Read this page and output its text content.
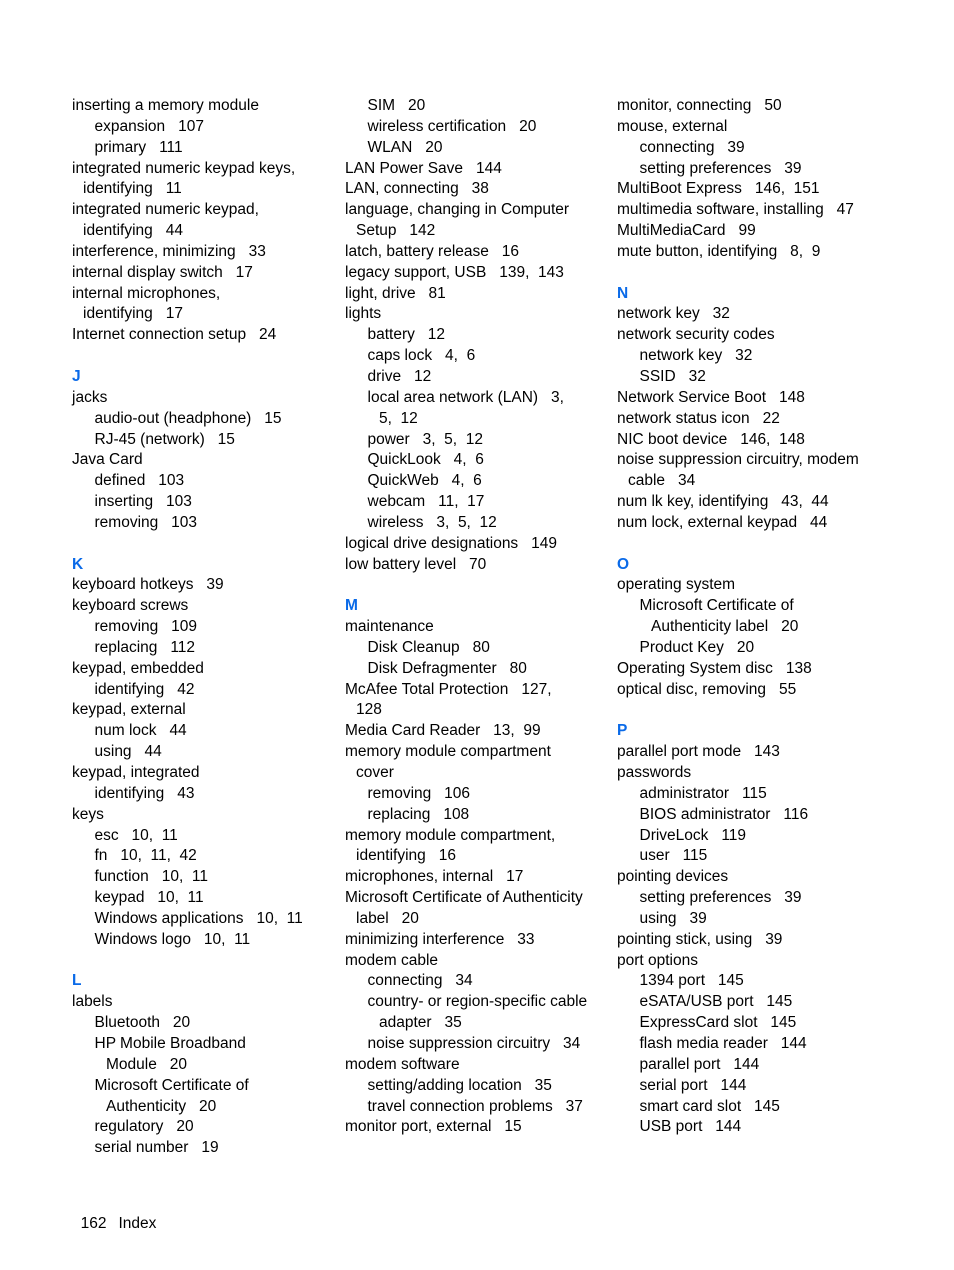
inserting a memory module
expansion   107
primary   111
integrated numeric keypad keys,
identifying   11
integrated numeric keypad,
identifying   44
interference, minimizing   33
internal display switch   17
internal microphones,
identifying   17
Internet connection setup   24
J
jacks
audio-out (headphone)   15
RJ-45 (network)   15
Java Card
defined   103
inserting   103
removing   103
K
keyboard hotkeys   39
keyboard screws
removing   109
replacing   112
keypad, embedded
identifying   42
keypad, external
num lock   44
using   44
keypad, integrated
identifying   43
keys
esc   10,  11
fn   10,  11,  42
function   10,  11
keypad   10,  11
Windows applications   10,  11
Windows logo   10,  11
L
labels
Bluetooth   20
HP Mobile Broadband
Module   20
Microsoft Certificate of
Authenticity   20
regulatory   20
serial number   19
SIM   20
wireless certification   20
WLAN   20
LAN Power Save   144
LAN, connecting   38
language, changing in Computer
Setup   142
latch, battery release   16
legacy support, USB   139,  143
light, drive   81
lights
battery   12
caps lock   4,  6
drive   12
local area network (LAN)   3,
5,  12
power   3,  5,  12
QuickLook   4,  6
QuickWeb   4,  6
webcam   11,  17
wireless   3,  5,  12
logical drive designations   149
low battery level   70
M
maintenance
Disk Cleanup   80
Disk Defragmenter   80
McAfee Total Protection   127,
128
Media Card Reader   13,  99
memory module compartment
cover
removing   106
replacing   108
memory module compartment,
identifying   16
microphones, internal   17
Microsoft Certificate of Authenticity
label   20
minimizing interference   33
modem cable
connecting   34
country- or region-specific cable
adapter   35
noise suppression circuitry   34
modem software
setting/adding location   35
travel connection problems   37
monitor port, external   15
monitor, connecting   50
mouse, external
connecting   39
setting preferences   39
MultiBoot Express   146,  151
multimedia software, installing   47
MultiMediaCard   99
mute button, identifying   8,  9
N
network key   32
network security codes
network key   32
SSID   32
Network Service Boot   148
network status icon   22
NIC boot device   146,  148
noise suppression circuitry, modem
cable   34
num lk key, identifying   43,  44
num lock, external keypad   44
O
operating system
Microsoft Certificate of
Authenticity label   20
Product Key   20
Operating System disc   138
optical disc, removing   55
P
parallel port mode   143
passwords
administrator   115
BIOS administrator   116
DriveLock   119
user   115
pointing devices
setting preferences   39
using   39
pointing stick, using   39
port options
1394 port   145
eSATA/USB port   145
ExpressCard slot   145
flash media reader   144
parallel port   144
serial port   144
smart card slot   145
USB port   144

162 Index
